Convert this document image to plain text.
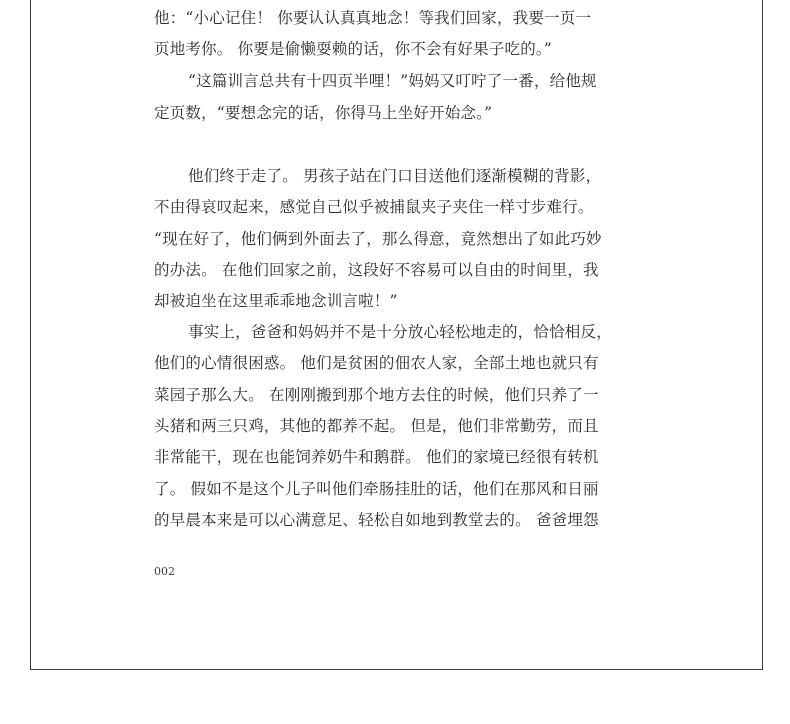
他：“小心记住！ 你要认认真真地念！等我们回家，我要一页一
页地考你。 你要是偷懒耍赖的话，你不会有好果子吃的。”
“这篇训言总共有十四页半哩！”妈妈又叮咛了一番，给他规
定页数，“要想念完的话，你得马上坐好开始念。”
他们终于走了。 男孩子站在门口目送他们逐渐模糊的背影，
不由得哀叹起来，感觉自己似乎被捕鼠夹子夹住一样寸步难行。
“现在好了，他们俩到外面去了，那么得意，竟然想出了如此巧妙
的办法。 在他们回家之前，这段好不容易可以自由的时间里，我
却被迫坐在这里乖乖地念训言啦！”
事实上，爸爸和妈妈并不是十分放心轻松地走的，恰恰相反，
他们的心情很困惑。 他们是贫困的佃农人家，全部土地也就只有
菜园子那么大。 在刚刚搬到那个地方去住的时候，他们只养了一
头猪和两三只鸡，其他的都养不起。 但是，他们非常勤劳，而且
非常能干，现在也能饲养奶牛和鹅群。 他们的家境已经很有转机
了。 假如不是这个儿子叫他们牵肠挂肚的话，他们在那风和日丽
的早晨本来是可以心满意足、轻松自如地到教堂去的。 爸爸埋怨
002
